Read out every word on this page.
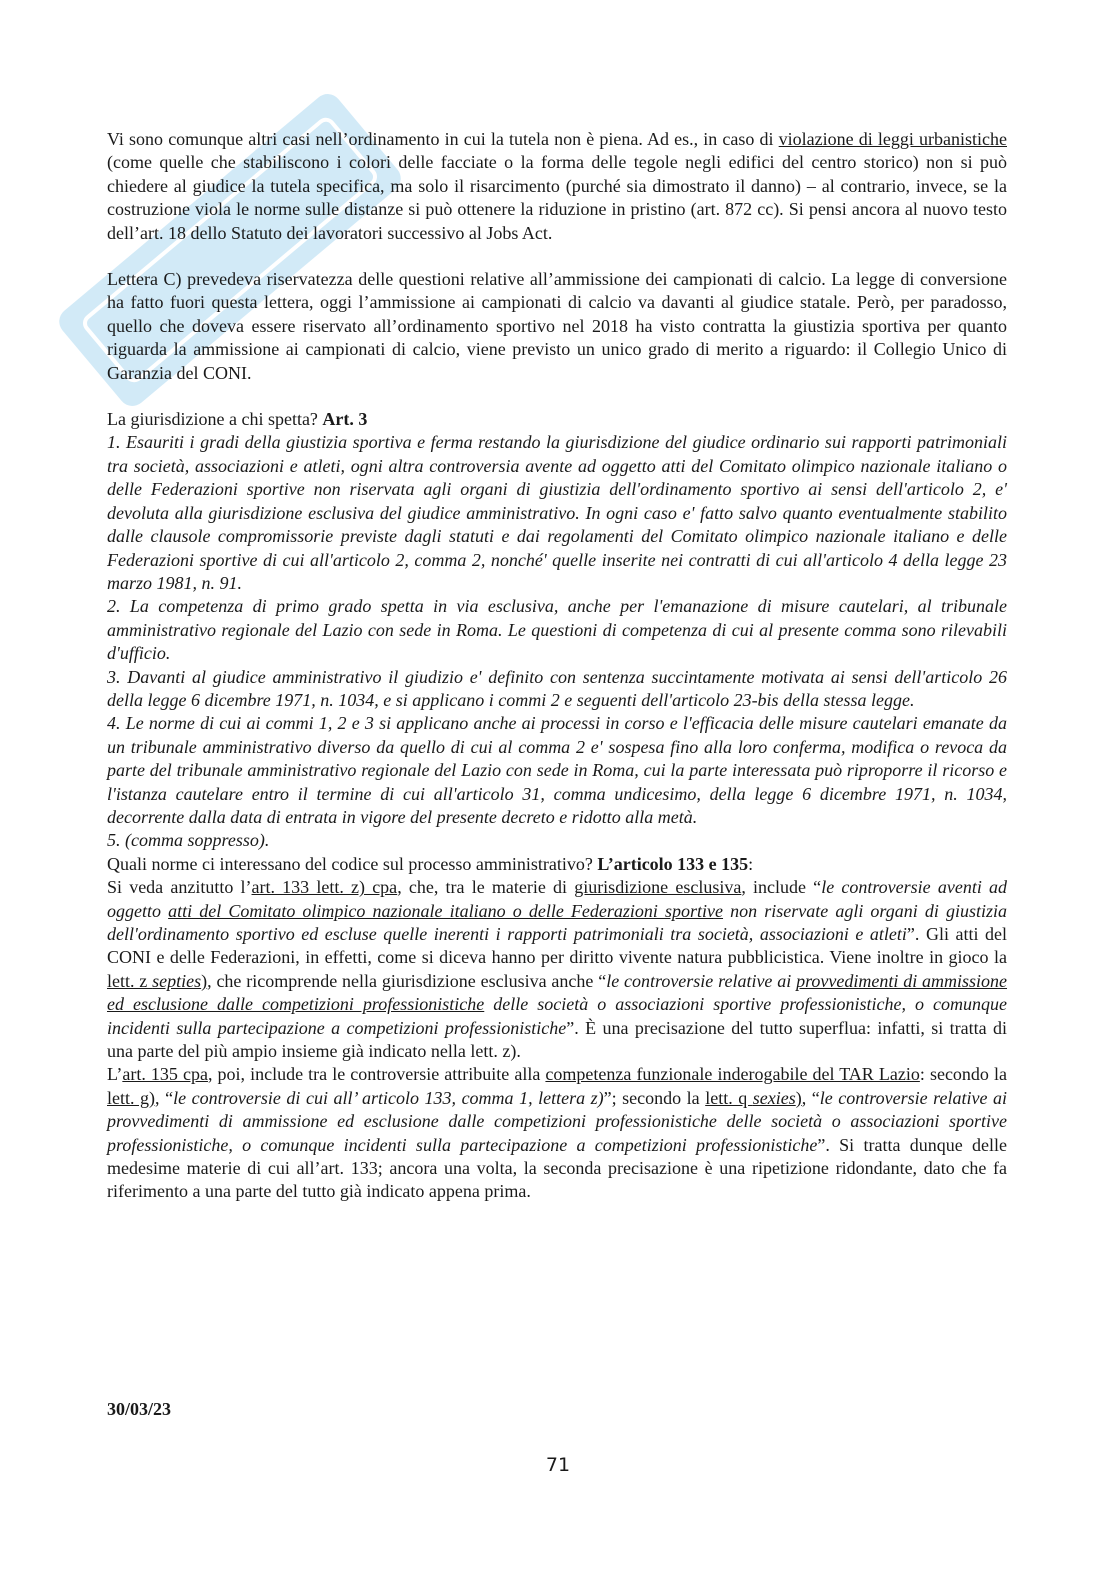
Vi sono comunque altri casi nell’ordinamento in cui la tutela non è piena. Ad es., in caso di violazione di leggi urbanistiche (come quelle che stabiliscono i colori delle facciate o la forma delle tegole negli edifici del centro storico) non si può chiedere al giudice la tutela specifica, ma solo il risarcimento (purché sia dimostrato il danno) – al contrario, invece, se la costruzione viola le norme sulle distanze si può ottenere la riduzione in pristino (art. 872 cc). Si pensi ancora al nuovo testo dell’art. 18 dello Statuto dei lavoratori successivo al Jobs Act.

Lettera C) prevedeva riservatezza delle questioni relative all’ammissione dei campionati di calcio. La legge di conversione ha fatto fuori questa lettera, oggi l’ammissione ai campionati di calcio va davanti al giudice statale. Però, per paradosso, quello che doveva essere riservato all’ordinamento sportivo nel 2018 ha visto contratta la giustizia sportiva per quanto riguarda la ammissione ai campionati di calcio, viene previsto un unico grado di merito a riguardo: il Collegio Unico di Garanzia del CONI.

La giurisdizione a chi spetta? Art. 3

1. Esauriti i gradi della giustizia sportiva e ferma restando la giurisdizione del giudice ordinario sui rapporti patrimoniali tra società, associazioni e atleti, ogni altra controversia avente ad oggetto atti del Comitato olimpico nazionale italiano o delle Federazioni sportive non riservata agli organi di giustizia dell'ordinamento sportivo ai sensi dell'articolo 2, e' devoluta alla giurisdizione esclusiva del giudice amministrativo. In ogni caso e' fatto salvo quanto eventualmente stabilito dalle clausole compromissorie previste dagli statuti e dai regolamenti del Comitato olimpico nazionale italiano e delle Federazioni sportive di cui all'articolo 2, comma 2, nonché' quelle inserite nei contratti di cui all'articolo 4 della legge 23 marzo 1981, n. 91.

2. La competenza di primo grado spetta in via esclusiva, anche per l'emanazione di misure cautelari, al tribunale amministrativo regionale del Lazio con sede in Roma. Le questioni di competenza di cui al presente comma sono rilevabili d'ufficio.

3. Davanti al giudice amministrativo il giudizio e' definito con sentenza succintamente motivata ai sensi dell'articolo 26 della legge 6 dicembre 1971, n. 1034, e si applicano i commi 2 e seguenti dell'articolo 23-bis della stessa legge.

4. Le norme di cui ai commi 1, 2 e 3 si applicano anche ai processi in corso e l'efficacia delle misure cautelari emanate da un tribunale amministrativo diverso da quello di cui al comma 2 e' sospesa fino alla loro conferma, modifica o revoca da parte del tribunale amministrativo regionale del Lazio con sede in Roma, cui la parte interessata può riproporre il ricorso e l'istanza cautelare entro il termine di cui all'articolo 31, comma undicesimo, della legge 6 dicembre 1971, n. 1034, decorrente dalla data di entrata in vigore del presente decreto e ridotto alla metà.

5. (comma soppresso).

Quali norme ci interessano del codice sul processo amministrativo? L’articolo 133 e 135:

Si veda anzitutto l’art. 133 lett. z) cpa, che, tra le materie di giurisdizione esclusiva, include “le controversie aventi ad oggetto atti del Comitato olimpico nazionale italiano o delle Federazioni sportive non riservate agli organi di giustizia dell'ordinamento sportivo ed escluse quelle inerenti i rapporti patrimoniali tra società, associazioni e atleti”. Gli atti del CONI e delle Federazioni, in effetti, come si diceva hanno per diritto vivente natura pubblicistica. Viene inoltre in gioco la lett. z septies), che ricomprende nella giurisdizione esclusiva anche “le controversie relative ai provvedimenti di ammissione ed esclusione dalle competizioni professionistiche delle società o associazioni sportive professionistiche, o comunque incidenti sulla partecipazione a competizioni professionistiche”. È una precisazione del tutto superflua: infatti, si tratta di una parte del più ampio insieme già indicato nella lett. z).

L’art. 135 cpa, poi, include tra le controversie attribuite alla competenza funzionale inderogabile del TAR Lazio: secondo la lett. g), “le controversie di cui all’ articolo 133, comma 1, lettera z)”; secondo la lett. q sexies), “le controversie relative ai provvedimenti di ammissione ed esclusione dalle competizioni professionistiche delle società o associazioni sportive professionistiche, o comunque incidenti sulla partecipazione a competizioni professionistiche”. Si tratta dunque delle medesime materie di cui all’art. 133; ancora una volta, la seconda precisazione è una ripetizione ridondante, dato che fa riferimento a una parte del tutto già indicato appena prima.

30/03/23
71
